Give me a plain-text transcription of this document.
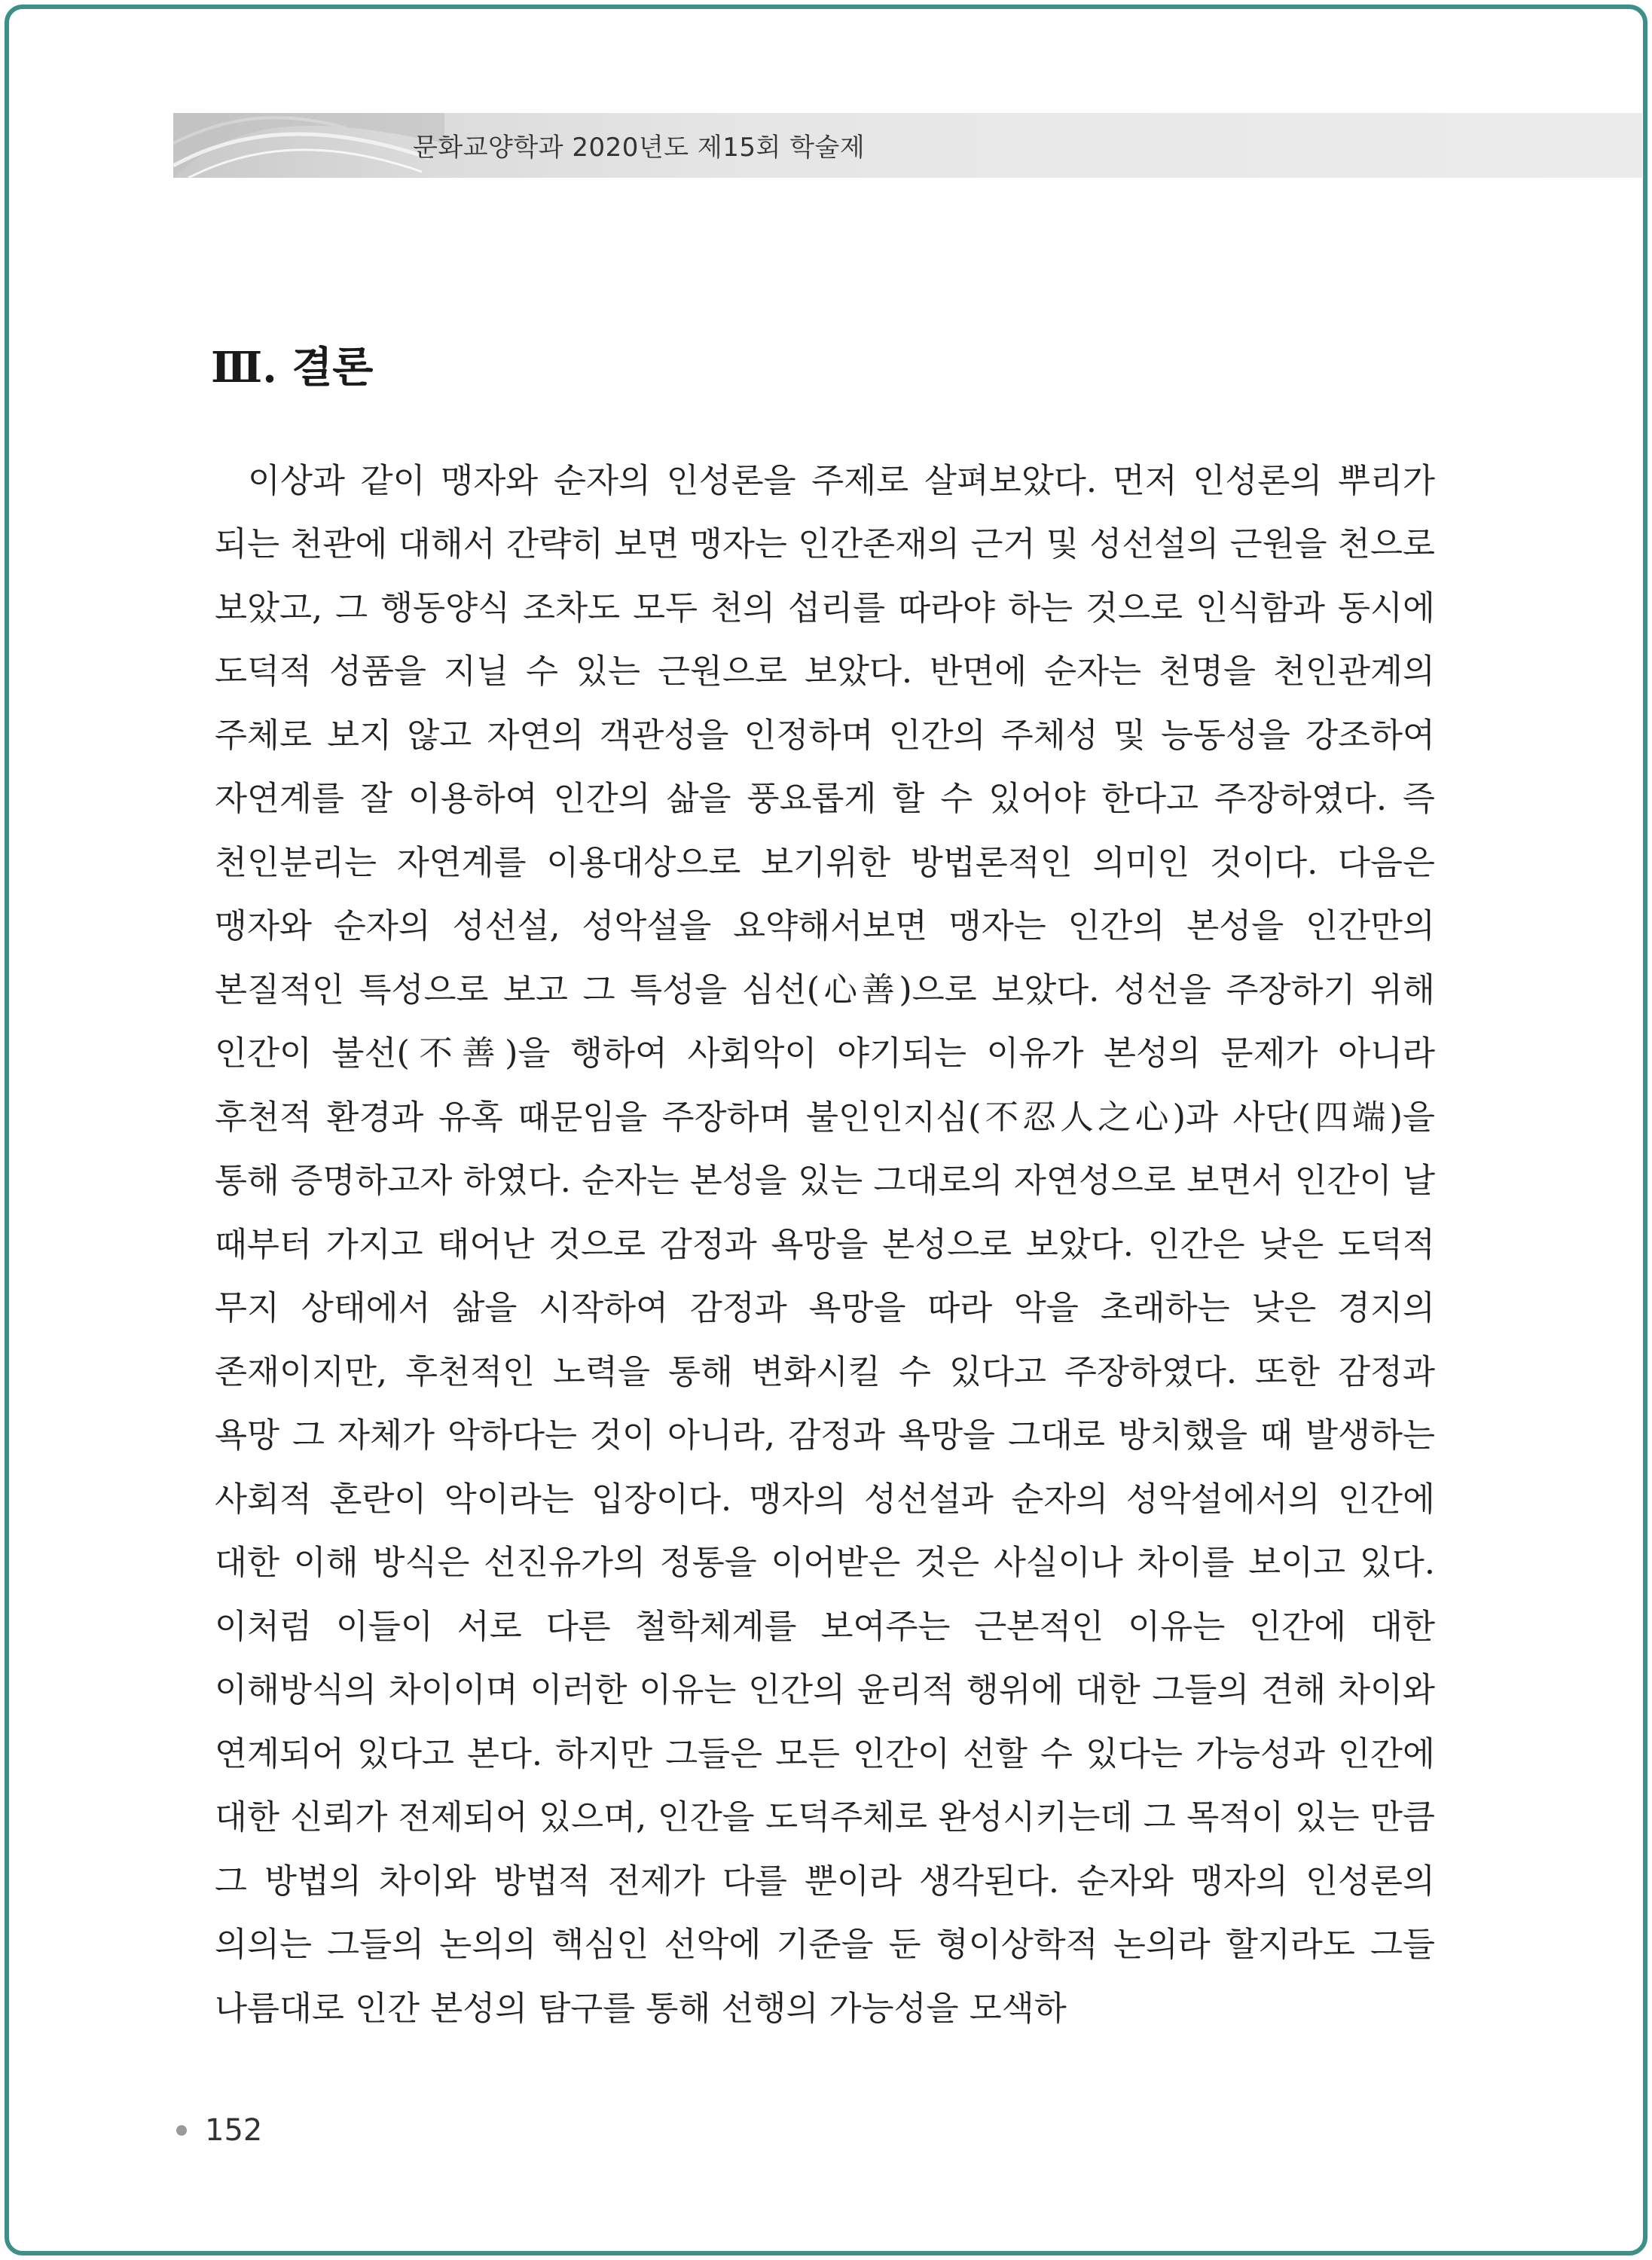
문화교양학과 2020년도 제15회 학술제
Ⅲ. 결론

이상과 같이 맹자와 순자의 인성론을 주제로 살펴보았다. 먼저 인성론의 뿌리가 되는 천관에 대해서 간략히 보면 맹자는 인간존재의 근거 및 성선설의 근원을 천으로 보았고, 그 행동양식 조차도 모두 천의 섭리를 따라야 하는 것으로 인식함과 동시에 도덕적 성품을 지닐 수 있는 근원으로 보았다. 반면에 순자는 천명을 천인관계의 주체로 보지 않고 자연의 객관성을 인정하며 인간의 주체성 및 능동성을 강조하여 자연계를 잘 이용하여 인간의 삶을 풍요롭게 할 수 있어야 한다고 주장하였다. 즉 천인분리는 자연계를 이용대상으로 보기위한 방법론적인 의미인 것이다. 다음은 맹자와 순자의 성선설, 성악설을 요약해서보면 맹자는 인간의 본성을 인간만의 본질적인 특성으로 보고 그 특성을 심선(心善)으로 보았다. 성선을 주장하기 위해 인간이 불선(不善)을 행하여 사회악이 야기되는 이유가 본성의 문제가 아니라 후천적 환경과 유혹 때문임을 주장하며 불인인지심(不忍人之心)과 사단(四端)을 통해 증명하고자 하였다. 순자는 본성을 있는 그대로의 자연성으로 보면서 인간이 날 때부터 가지고 태어난 것으로 감정과 욕망을 본성으로 보았다. 인간은 낮은 도덕적 무지 상태에서 삶을 시작하여 감정과 욕망을 따라 악을 초래하는 낮은 경지의 존재이지만, 후천적인 노력을 통해 변화시킬 수 있다고 주장하였다. 또한 감정과 욕망 그 자체가 악하다는 것이 아니라, 감정과 욕망을 그대로 방치했을 때 발생하는 사회적 혼란이 악이라는 입장이다. 맹자의 성선설과 순자의 성악설에서의 인간에 대한 이해 방식은 선진유가의 정통을 이어받은 것은 사실이나 차이를 보이고 있다. 이처럼 이들이 서로 다른 철학체계를 보여주는 근본적인 이유는 인간에 대한 이해방식의 차이이며 이러한 이유는 인간의 윤리적 행위에 대한 그들의 견해 차이와 연계되어 있다고 본다. 하지만 그들은 모든 인간이 선할 수 있다는 가능성과 인간에 대한 신뢰가 전제되어 있으며, 인간을 도덕주체로 완성시키는데 그 목적이 있는 만큼 그 방법의 차이와 방법적 전제가 다를 뿐이라 생각된다. 순자와 맹자의 인성론의 의의는 그들의 논의의 핵심인 선악에 기준을 둔 형이상학적 논의라 할지라도 그들 나름대로 인간 본성의 탐구를 통해 선행의 가능성을 모색하

152
